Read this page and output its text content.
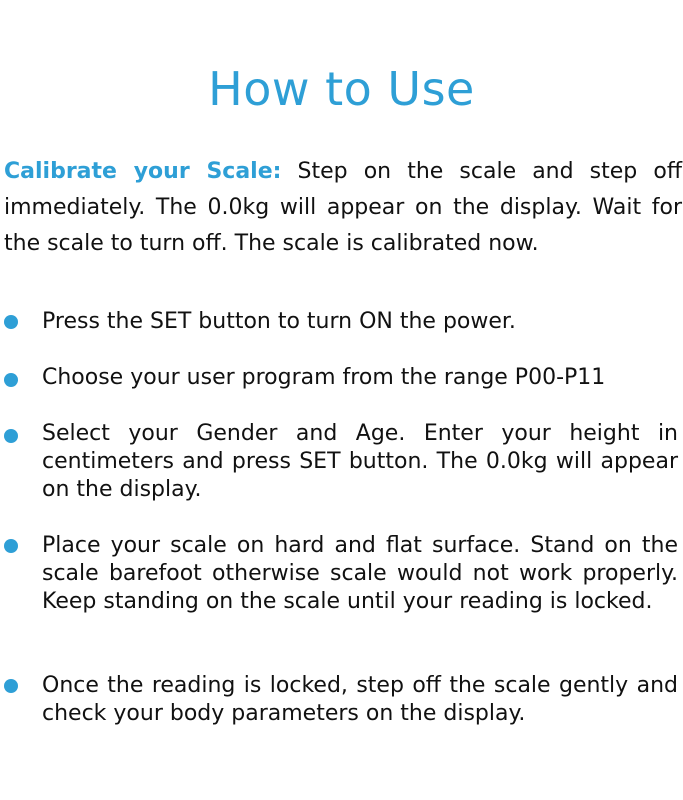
How to Use

Calibrate your Scale: Step on the scale and step off immediately. The 0.0kg will appear on the display. Wait for the scale to turn off. The scale is calibrated now.

Press the SET button to turn ON the power.
Choose your user program from the range P00-P11
Select your Gender and Age. Enter your height in centimeters and press SET button. The 0.0kg will appear on the display.
Place your scale on hard and flat surface. Stand on the scale barefoot otherwise scale would not work properly. Keep standing on the scale until your reading is locked.
Once the reading is locked, step off the scale gently and check your body parameters on the display.
